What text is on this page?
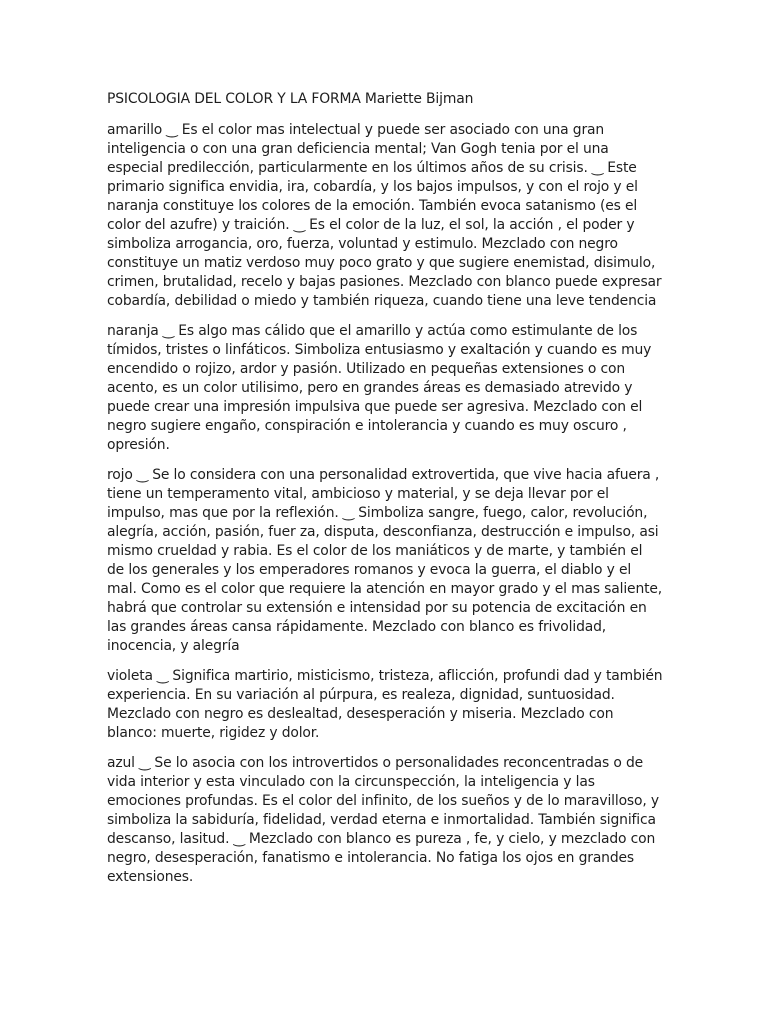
PSICOLOGIA DEL COLOR Y LA FORMA Mariette Bijman

amarillo ‿ Es el color mas intelectual y puede ser asociado con una gran inteligencia o con una gran deficiencia mental; Van Gogh tenia por el una especial predilección, particularmente en los últimos años de su crisis. ‿ Este primario significa envidia, ira, cobardía, y los bajos impulsos, y con el rojo y el naranja constituye los colores de la emoción. También evoca satanismo (es el color del azufre) y traición. ‿ Es el color de la luz, el sol, la acción , el poder y simboliza arrogancia, oro, fuerza, voluntad y estimulo. Mezclado con negro constituye un matiz verdoso muy poco grato y que sugiere enemistad, disimulo, crimen, brutalidad, recelo y bajas pasiones. Mezclado con blanco puede expresar cobardía, debilidad o miedo y también riqueza, cuando tiene una leve tendencia

naranja ‿ Es algo mas cálido que el amarillo y actúa como estimulante de los tímidos, tristes o linfáticos. Simboliza entusiasmo y exaltación y cuando es muy encendido o rojizo, ardor y pasión. Utilizado en pequeñas extensiones o con acento, es un color utilisimo, pero en grandes áreas es demasiado atrevido y puede crear una impresión impulsiva que puede ser agresiva. Mezclado con el negro sugiere engaño, conspiración e intolerancia y cuando es muy oscuro , opresión.

rojo ‿ Se lo considera con una personalidad extrovertida, que vive hacia afuera , tiene un temperamento vital, ambicioso y material, y se deja llevar por el impulso, mas que por la reflexión. ‿ Simboliza sangre, fuego, calor, revolución, alegría, acción, pasión, fuer za, disputa, desconfianza, destrucción e impulso, asi mismo crueldad y rabia. Es el color de los maniáticos y de marte, y también el de los generales y los emperadores romanos y evoca la guerra, el diablo y el mal. Como es el color que requiere la atención en mayor grado y el mas saliente, habrá que controlar su extensión e intensidad por su potencia de excitación en las grandes áreas cansa rápidamente. Mezclado con blanco es frivolidad, inocencia, y alegría

violeta ‿ Significa martirio, misticismo, tristeza, aflicción, profundi dad y también experiencia. En su variación al púrpura, es realeza, dignidad, suntuosidad. Mezclado con negro es deslealtad, desesperación y miseria. Mezclado con blanco: muerte, rigidez y dolor.

azul ‿ Se lo asocia con los introvertidos o personalidades reconcentradas o de vida interior y esta vinculado con la circunspección, la inteligencia y las emociones profundas. Es el color del infinito, de los sueños y de lo maravilloso, y simboliza la sabiduría, fidelidad, verdad eterna e inmortalidad. También significa descanso, lasitud. ‿ Mezclado con blanco es pureza , fe, y cielo, y mezclado con negro, desesperación, fanatismo e intolerancia. No fatiga los ojos en grandes extensiones.
